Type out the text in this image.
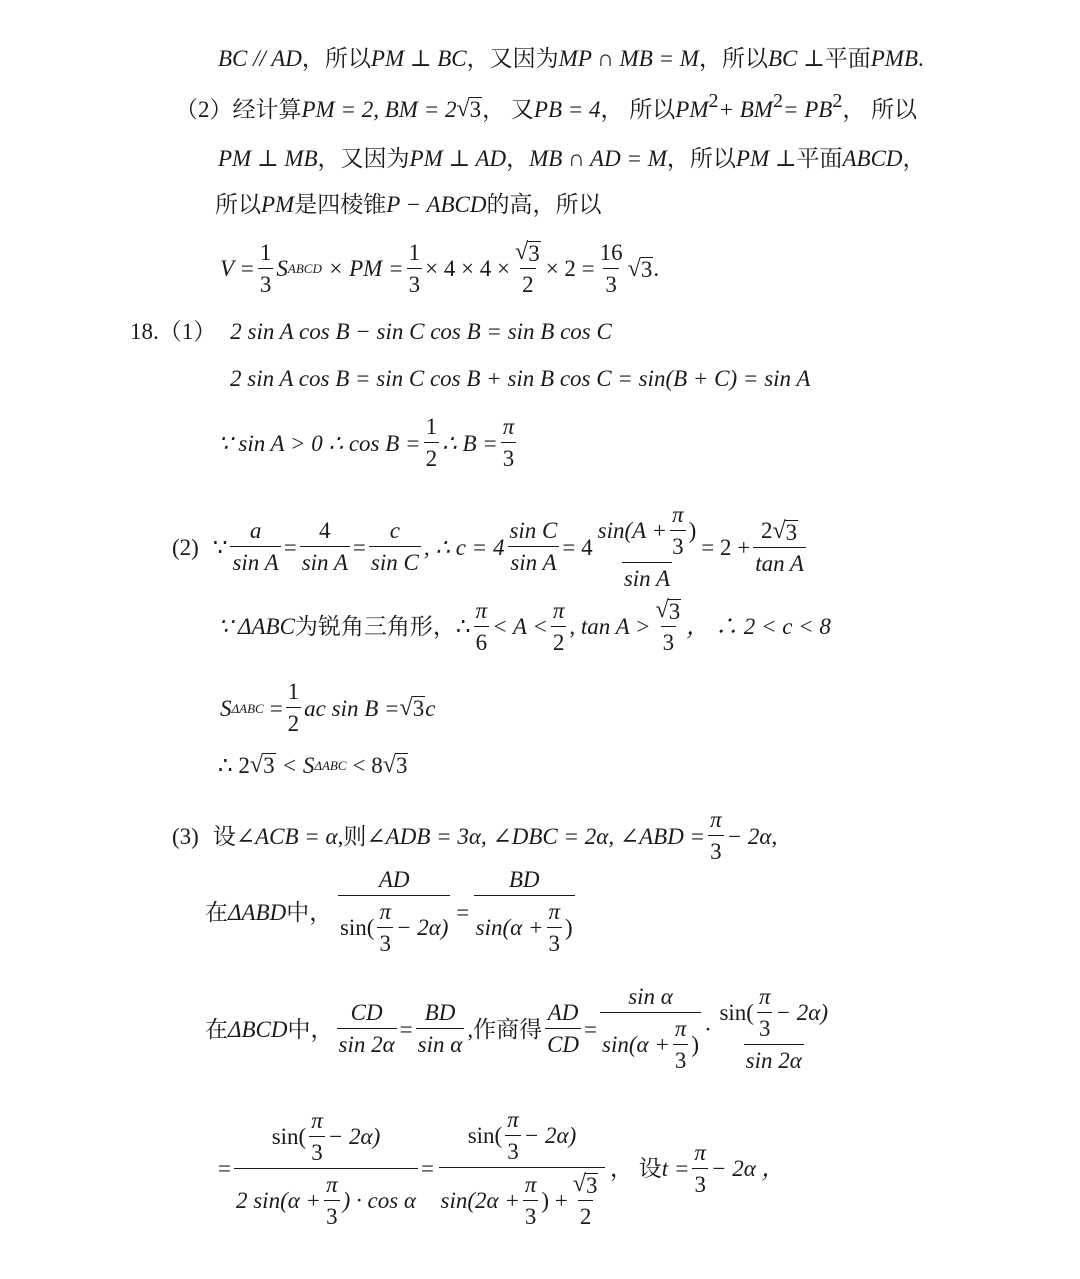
BC // AD ，所以 PM ⊥ BC ，又因为 MP ∩ MB = M ，所以 BC ⊥ 平面 PMB .
（2）经计算 PM = 2, BM = 2 √ 3 ， 又 PB = 4 ， 所以 $PM^2 + BM^2 = PB^2$ ， 所以
PM ⊥ MB ，又因为 PM ⊥ AD ， MB ∩ AD = M ，所以 PM ⊥ 平面 ABCD ，
所以 PM 是四棱锥 P − ABCD 的高，所以
$V = \frac{1}{3}$ S ABCD × PM = $\frac{1}{3} \times 4 \times 4 \times \frac{√ 3}{2} \times 2 = \frac{16}{3}$ √ 3 .
18.（1） 2 sin A cos B − sin C cos B = sin B cos C
2 sin A cos B = sin C cos B + sin B cos C = sin(B + C) = sin A
∵ sin A > 0 ∴ $\cos B = \frac{1}{2}$ ∴ $B = \frac{\pi}{3}$
(2) ∵ $\frac{a}{\text{sin A}} = \frac{4}{\text{sin A}} = \frac{c}{\text{sin C}}$ , ∴ $c = 4 \frac{\text{sin C}}{\text{sin A}} = 4 \frac{\sin(A + \frac{\pi}{3} )}{\text{sin A}} = 2 + \frac{2 √ 3}{\text{tan A}}$
∵ ΔABC 为锐角三角形， ∴ $\frac{\pi}{6} < A < \frac{\pi}{2}$ , $\tan A > \frac{√ 3}{3}$ ， ∴ 2 < c < 8
S $\Delta ABC = \frac{1}{2}$ ac sin B = √ 3 c
∴ 2 √ 3 < S ΔABC < 8 √ 3
(3) 设 ∠ACB = α ,则 ∠ADB = 3α, ∠DBC = 2α, ∠ABD = $\frac{\pi}{3} - 2\alpha$,
在 ΔABD 中， $\frac{AD}{\sin( \frac{\pi}{3} - 2\alpha)} = \frac{BD}{\sin(\alpha + \frac{\pi}{3} )}$
在 ΔBCD 中， $\frac{CD}{\sin 2\alpha} = \frac{BD}{\text{sin α}}$ ,作商得 $\frac{AD}{CD} = \frac{\text{sin α}}{\sin(\alpha + \frac{\pi}{3} )} \cdot \frac{\sin( \frac{\pi}{3} - 2\alpha)}{\sin 2\alpha}$
= $\frac{\sin( \frac{\pi}{3} - 2\alpha)}{2 \sin(\alpha + \frac{\pi}{3} ) \cdot \cos \alpha} = \frac{\sin( \frac{\pi}{3} - 2\alpha)}{\sin(2\alpha + \frac{\pi}{3} ) + \frac{√ 3}{2}}$ ， 设 $t = \frac{\pi}{3} - 2\alpha$ ，
